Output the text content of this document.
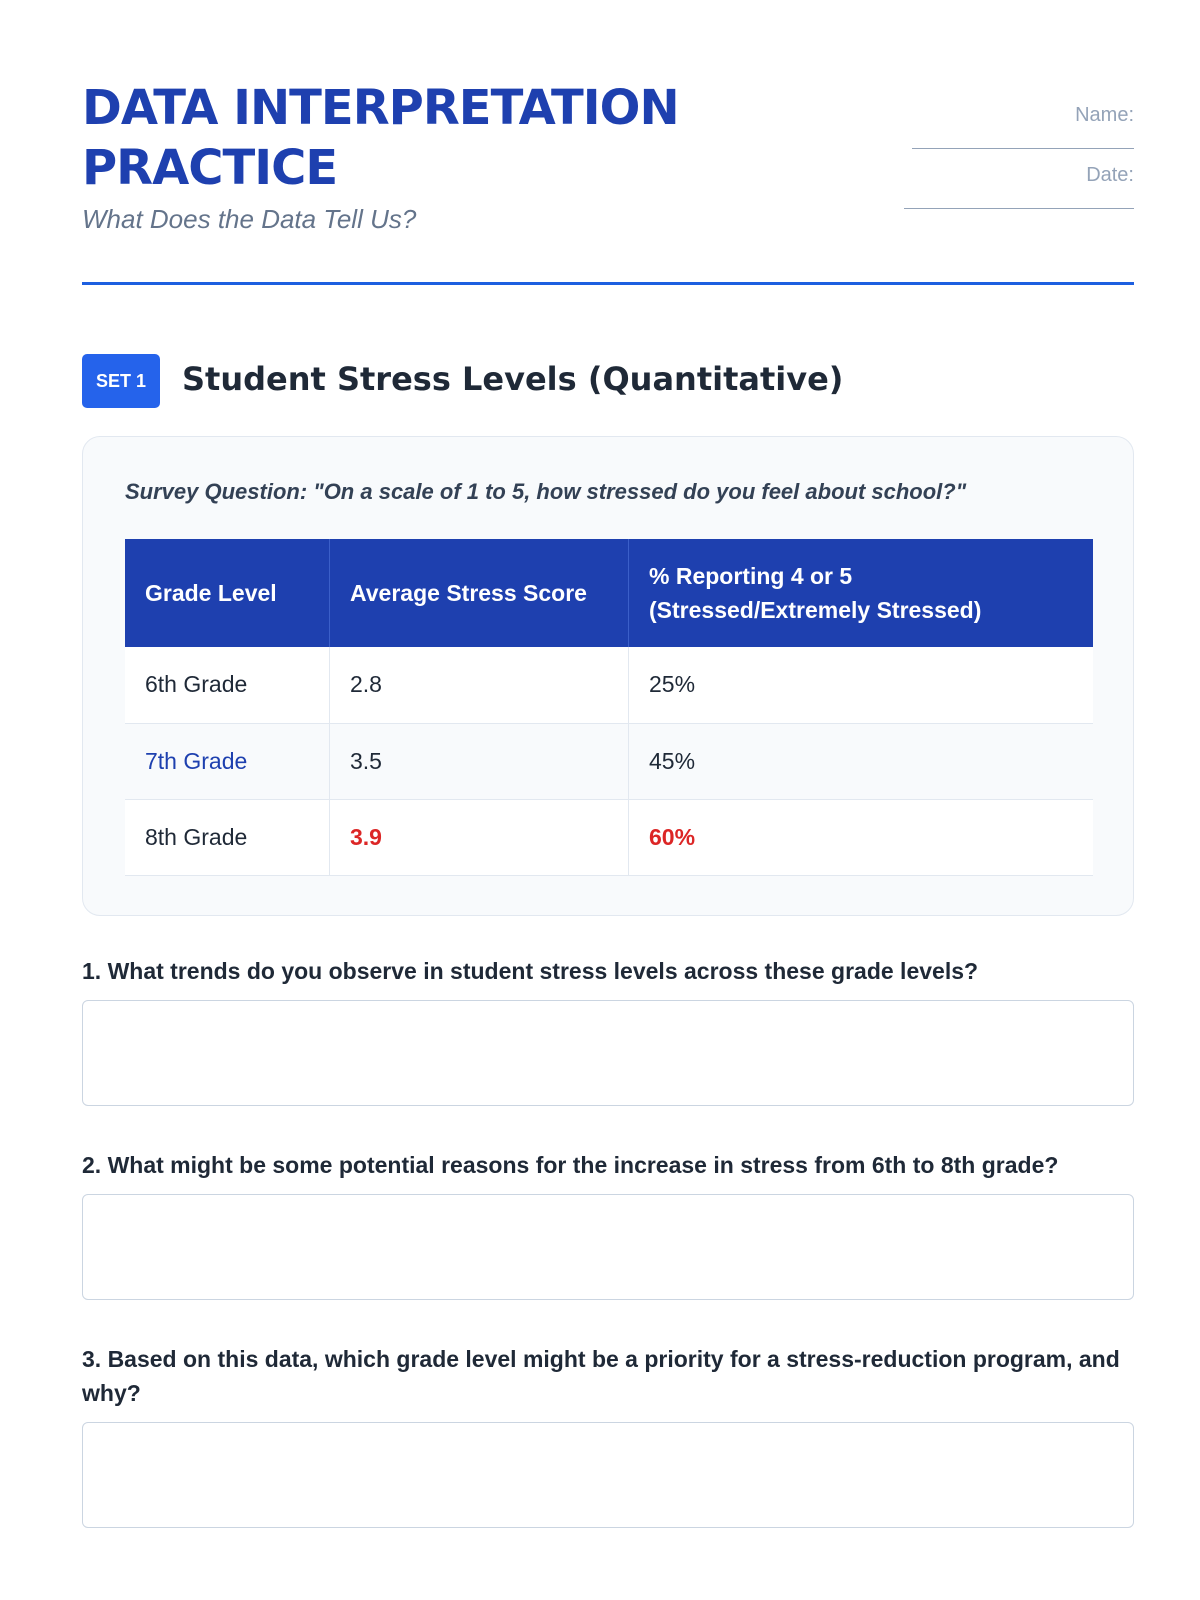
DATA INTERPRETATION PRACTICE
What Does the Data Tell Us?
Name:
Date:
SET 1	Student Stress Levels (Quantitative)
Survey Question: "On a scale of 1 to 5, how stressed do you feel about school?"
Grade Level	Average Stress Score	% Reporting 4 or 5 (Stressed/Extremely Stressed)
6th Grade	2.8	25%
7th Grade	3.5	45%
8th Grade	3.9	60%
1. What trends do you observe in student stress levels across these grade levels?
2. What might be some potential reasons for the increase in stress from 6th to 8th grade?
3. Based on this data, which grade level might be a priority for a stress-reduction program, and why?
